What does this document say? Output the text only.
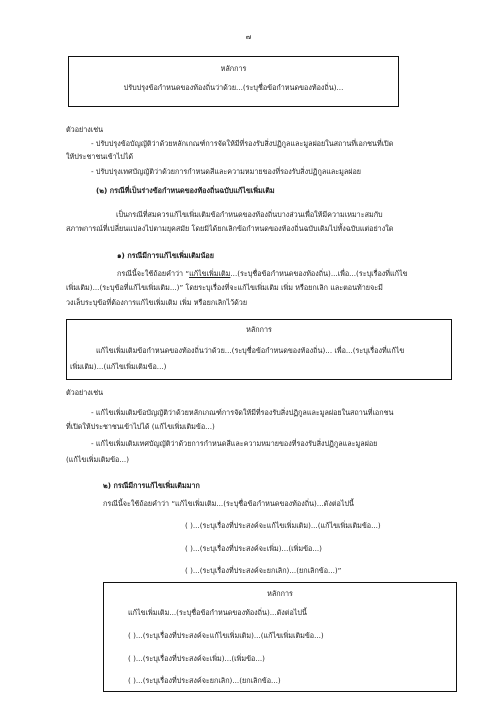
๗
หลักการ
ปรับปรุงข้อกำหนดของท้องถิ่นว่าด้วย...(ระบุชื่อข้อกำหนดของท้องถิ่น)...
ตัวอย่างเช่น
- ปรับปรุงข้อบัญญัติว่าด้วยหลักเกณฑ์การจัดให้มีที่รองรับสิ่งปฏิกูลและมูลฝอยในสถานที่เอกชนที่เปิด
ให้ประชาชนเข้าไปได้
- ปรับปรุงเทศบัญญัติว่าด้วยการกำหนดสีและความหมายของที่รองรับสิ่งปฏิกูลและมูลฝอย
(๒) กรณีที่เป็นร่างข้อกำหนดของท้องถิ่นฉบับแก้ไขเพิ่มเติม
เป็นกรณีที่สมควรแก้ไขเพิ่มเติมข้อกำหนดของท้องถิ่นบางส่วนเพื่อให้มีความเหมาะสมกับ
สภาพการณ์ที่เปลี่ยนแปลงไปตามยุคสมัย โดยมิได้ยกเลิกข้อกำหนดของท้องถิ่นฉบับเดิมไปทั้งฉบับแต่อย่างใด
๑) กรณีมีการแก้ไขเพิ่มเติมน้อย
กรณีนี้จะใช้ถ้อยคำว่า “แก้ไขเพิ่มเติม...(ระบุชื่อข้อกำหนดของท้องถิ่น)...เพื่อ...(ระบุเรื่องที่แก้ไข
เพิ่มเติม)...(ระบุข้อที่แก้ไขเพิ่มเติม...)” โดยระบุเรื่องที่จะแก้ไขเพิ่มเติม เพิ่ม หรือยกเลิก และตอนท้ายจะมี
วงเล็บระบุข้อที่ต้องการแก้ไขเพิ่มเติม เพิ่ม หรือยกเลิกไว้ด้วย
หลักการ
แก้ไขเพิ่มเติมข้อกำหนดของท้องถิ่นว่าด้วย...(ระบุชื่อข้อกำหนดของท้องถิ่น)... เพื่อ...(ระบุเรื่องที่แก้ไข
เพิ่มเติม)...(แก้ไขเพิ่มเติมข้อ...)
ตัวอย่างเช่น
- แก้ไขเพิ่มเติมข้อบัญญัติว่าด้วยหลักเกณฑ์การจัดให้มีที่รองรับสิ่งปฏิกูลและมูลฝอยในสถานที่เอกชน
ที่เปิดให้ประชาชนเข้าไปได้ (แก้ไขเพิ่มเติมข้อ...)
- แก้ไขเพิ่มเติมเทศบัญญัติว่าด้วยการกำหนดสีและความหมายของที่รองรับสิ่งปฏิกูลและมูลฝอย
(แก้ไขเพิ่มเติมข้อ...)
๒) กรณีมีการแก้ไขเพิ่มเติมมาก
กรณีนี้จะใช้ถ้อยคำว่า “แก้ไขเพิ่มเติม...(ระบุชื่อข้อกำหนดของท้องถิ่น)...ดังต่อไปนี้
( )...(ระบุเรื่องที่ประสงค์จะแก้ไขเพิ่มเติม)...(แก้ไขเพิ่มเติมข้อ...)
( )...(ระบุเรื่องที่ประสงค์จะเพิ่ม)...(เพิ่มข้อ...)
( )...(ระบุเรื่องที่ประสงค์จะยกเลิก)...(ยกเลิกข้อ...)”
หลักการ
แก้ไขเพิ่มเติม...(ระบุชื่อข้อกำหนดของท้องถิ่น)...ดังต่อไปนี้
( )...(ระบุเรื่องที่ประสงค์จะแก้ไขเพิ่มเติม)...(แก้ไขเพิ่มเติมข้อ...)
( )...(ระบุเรื่องที่ประสงค์จะเพิ่ม)...(เพิ่มข้อ...)
( )...(ระบุเรื่องที่ประสงค์จะยกเลิก)...(ยกเลิกข้อ...)
